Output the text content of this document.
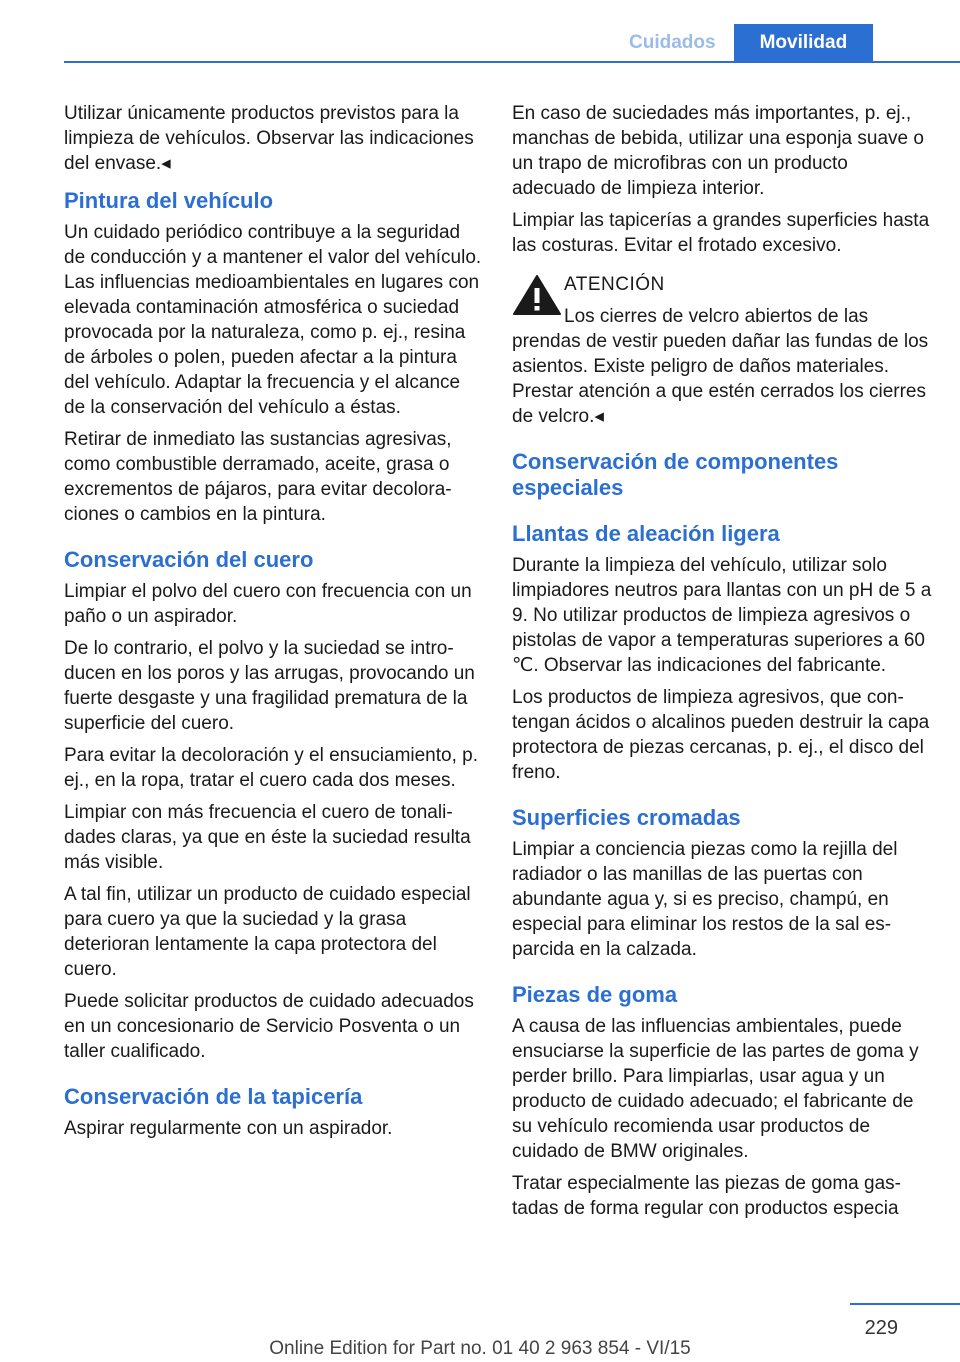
Cuidados	Movilidad

Utilizar únicamente productos previstos para la limpieza de vehículos. Observar las indicaciones del envase.◂

Pintura del vehículo

Un cuidado periódico contribuye a la seguridad de conducción y a mantener el valor del vehículo. Las influencias medioambientales en lugares con elevada contaminación atmosférica o suciedad provocada por la naturaleza, como p. ej., resina de árboles o polen, pueden afectar a la pintura del vehículo. Adaptar la frecuencia y el alcance de la conservación del vehículo a éstas.

Retirar de inmediato las sustancias agresivas, como combustible derramado, aceite, grasa o excrementos de pájaros, para evitar decoloraciones o cambios en la pintura.

Conservación del cuero

Limpiar el polvo del cuero con frecuencia con un paño o un aspirador.

De lo contrario, el polvo y la suciedad se introducen en los poros y las arrugas, provocando un fuerte desgaste y una fragilidad prematura de la superficie del cuero.

Para evitar la decoloración y el ensuciamiento, p. ej., en la ropa, tratar el cuero cada dos meses.

Limpiar con más frecuencia el cuero de tonalidades claras, ya que en éste la suciedad resulta más visible.

A tal fin, utilizar un producto de cuidado especial para cuero ya que la suciedad y la grasa deterioran lentamente la capa protectora del cuero.

Puede solicitar productos de cuidado adecuados en un concesionario de Servicio Posventa o un taller cualificado.

Conservación de la tapicería

Aspirar regularmente con un aspirador.

En caso de suciedades más importantes, p. ej., manchas de bebida, utilizar una esponja suave o un trapo de microfibras con un producto adecuado de limpieza interior.

Limpiar las tapicerías a grandes superficies hasta las costuras. Evitar el frotado excesivo.

ATENCIÓN
Los cierres de velcro abiertos de las prendas de vestir pueden dañar las fundas de los asientos. Existe peligro de daños materiales. Prestar atención a que estén cerrados los cierres de velcro.◂
Conservación de componentes especiales
Llantas de aleación ligera

Durante la limpieza del vehículo, utilizar solo limpiadores neutros para llantas con un pH de 5 a 9. No utilizar productos de limpieza agresivos o pistolas de vapor a temperaturas superiores a 60 ℃. Observar las indicaciones del fabricante.

Los productos de limpieza agresivos, que contengan ácidos o alcalinos pueden destruir la capa protectora de piezas cercanas, p. ej., el disco del freno.

Superficies cromadas

Limpiar a conciencia piezas como la rejilla del radiador o las manillas de las puertas con abundante agua y, si es preciso, champú, en especial para eliminar los restos de la sal esparcida en la calzada.

Piezas de goma

A causa de las influencias ambientales, puede ensuciarse la superficie de las partes de goma y perder brillo. Para limpiarlas, usar agua y un producto de cuidado adecuado; el fabricante de su vehículo recomienda usar productos de cuidado de BMW originales.

Tratar especialmente las piezas de goma gastadas de forma regular con productos especia

229
Online Edition for Part no. 01 40 2 963 854 - VI/15
